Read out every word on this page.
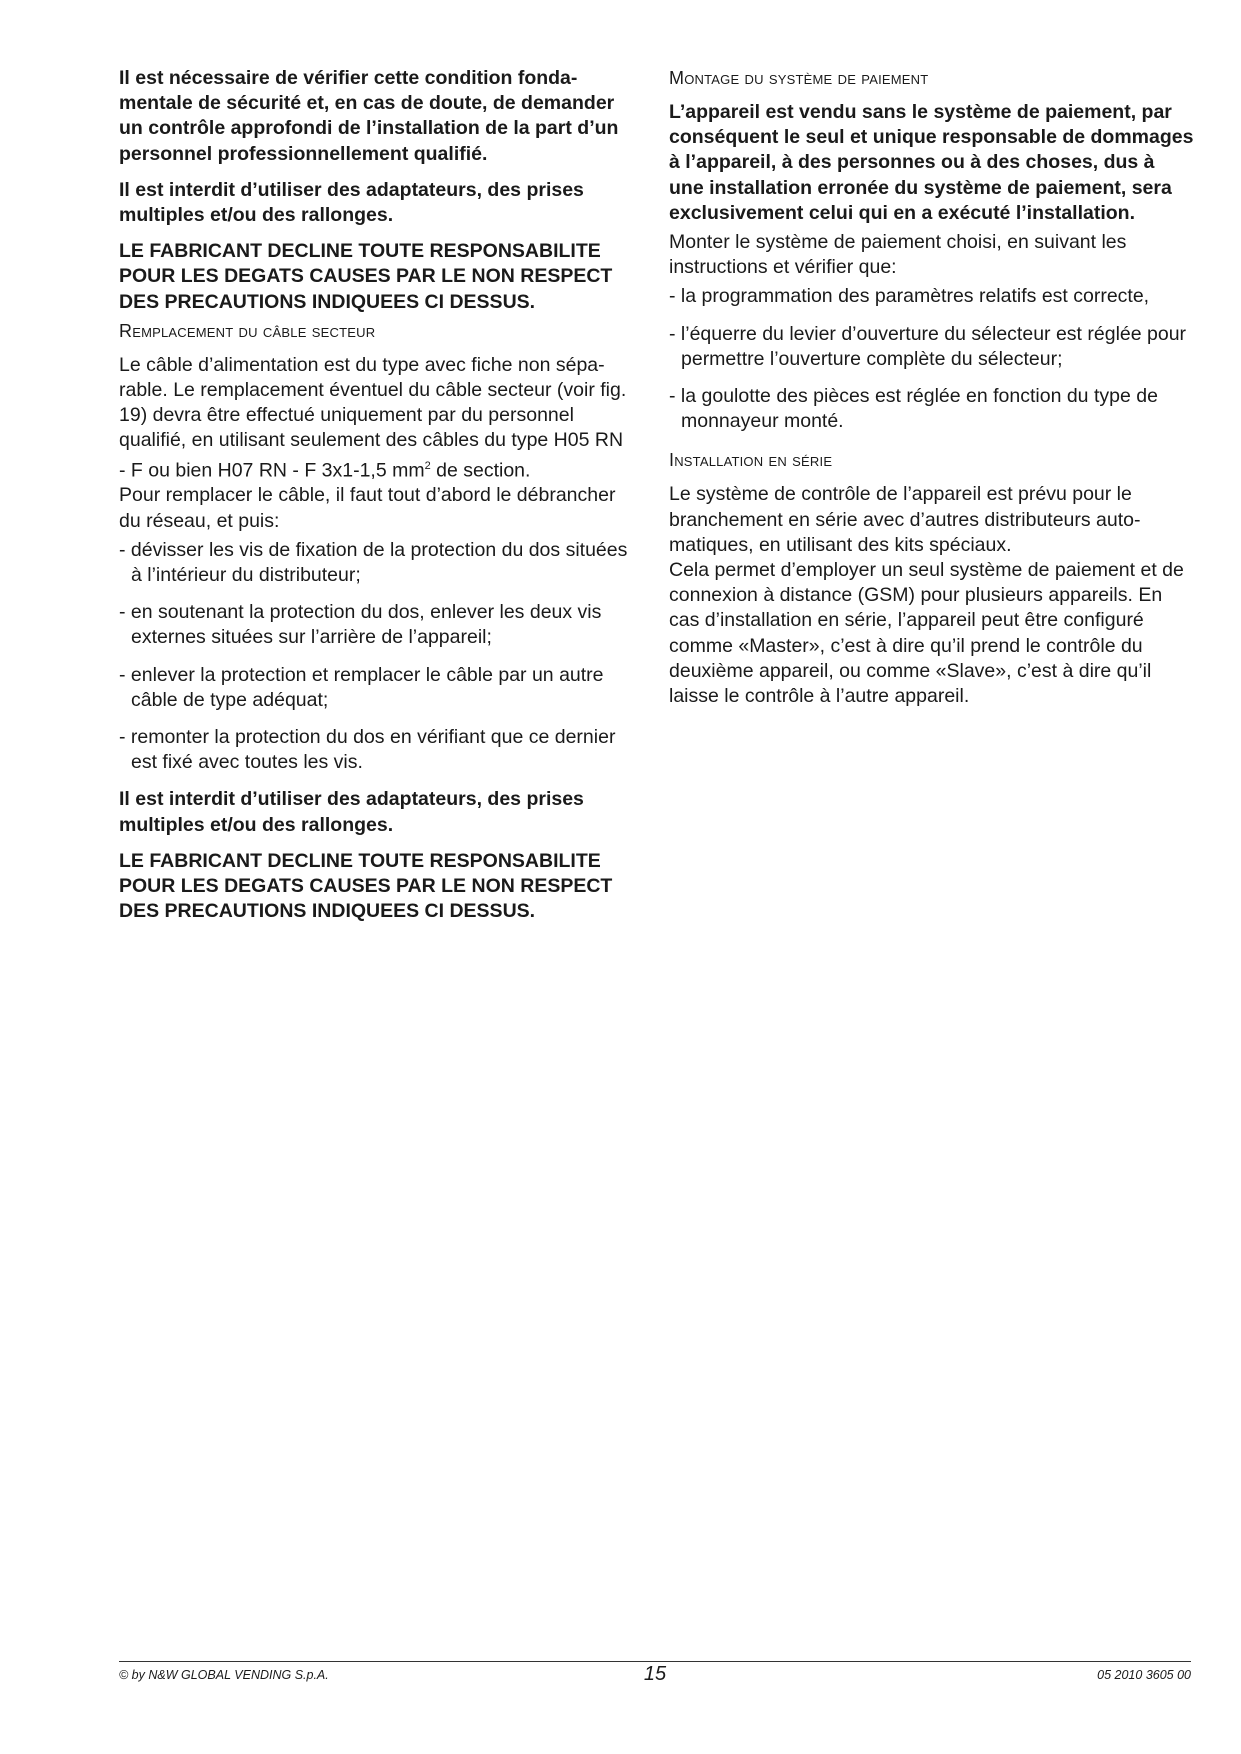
Il est nécessaire de vérifier cette condition fondamentale de sécurité et, en cas de doute, de demander un contrôle approfondi de l’installation de la part d’un personnel professionnellement qualifié.

Il est interdit d’utiliser des adaptateurs, des prises multiples et/ou des rallonges.

LE FABRICANT DECLINE TOUTE RESPONSABILITE POUR LES DEGATS CAUSES PAR LE NON RESPECT DES PRECAUTIONS INDIQUEES CI DESSUS.

Remplacement du câble secteur

Le câble d’alimentation est du type avec fiche non séparable. Le remplacement éventuel du câble secteur (voir fig. 19) devra être effectué uniquement par du personnel qualifié, en utilisant seulement des câbles du type H05 RN - F ou bien H07 RN - F 3x1-1,5 $mm^2$ de section.

Pour remplacer le câble, il faut tout d’abord le débrancher du réseau, et puis:

- dévisser les vis de fixation de la protection du dos situées à l’intérieur du distributeur;

- en soutenant la protection du dos, enlever les deux vis externes situées sur l’arrière de l’appareil;

- enlever la protection et remplacer le câble par un autre câble de type adéquat;

- remonter la protection du dos en vérifiant que ce dernier est fixé avec toutes les vis.

Il est interdit d’utiliser des adaptateurs, des prises multiples et/ou des rallonges.

LE FABRICANT DECLINE TOUTE RESPONSABILITE POUR LES DEGATS CAUSES PAR LE NON RESPECT DES PRECAUTIONS INDIQUEES CI DESSUS.

Montage du système de paiement

L’appareil est vendu sans le système de paiement, par conséquent le seul et unique responsable de dommages à l’appareil, à des personnes ou à des choses, dus à une installation erronée du système de paiement, sera exclusivement celui qui en a exécuté l’installation.

Monter le système de paiement choisi, en suivant les instructions et vérifier que:

- la programmation des paramètres relatifs est correcte,

- l’équerre du levier d’ouverture du sélecteur est réglée pour permettre l’ouverture complète du sélecteur;

- la goulotte des pièces est réglée en fonction du type de monnayeur monté.

Installation en série

Le système de contrôle de l’appareil est prévu pour le branchement en série avec d’autres distributeurs automatiques, en utilisant des kits spéciaux.

Cela permet d’employer un seul système de paiement et de connexion à distance (GSM) pour plusieurs appareils. En cas d’installation en série, l’appareil peut être configuré comme «Master», c’est à dire qu’il prend le contrôle du deuxième appareil, ou comme «Slave», c’est à dire qu’il laisse le contrôle à l’autre appareil.

© by N&W GLOBAL VENDING S.p.A.	15	05 2010 3605 00
